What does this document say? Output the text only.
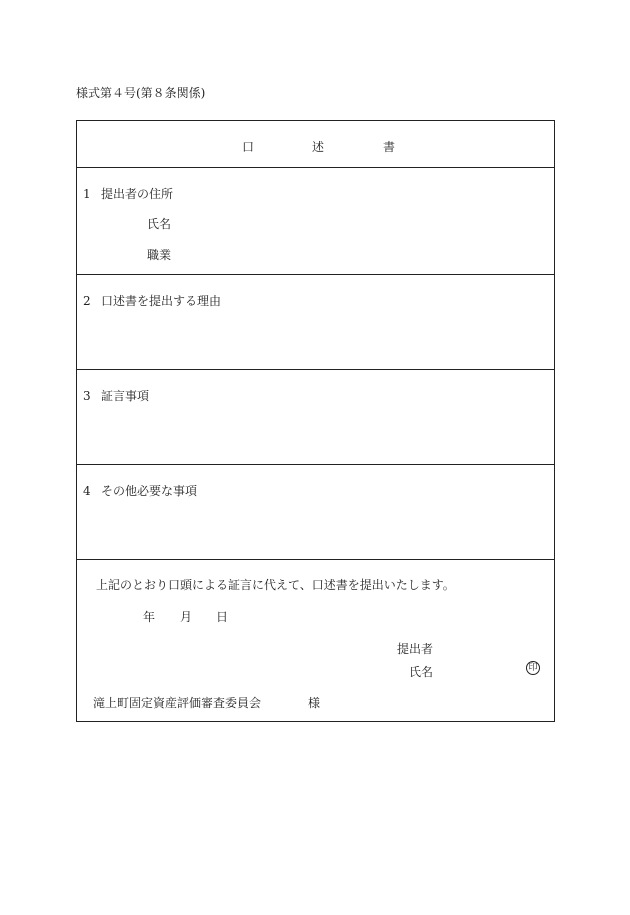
様式第４号(第８条関係)
口	述	書
1 提出者の住所
氏名
職業
2 口述書を提出する理由
3 証言事項
4 その他必要な事項
上記のとおり口頭による証言に代えて、口述書を提出いたします。
年 月 日
提出者
氏名	印
滝上町固定資産評価審査委員会	様
